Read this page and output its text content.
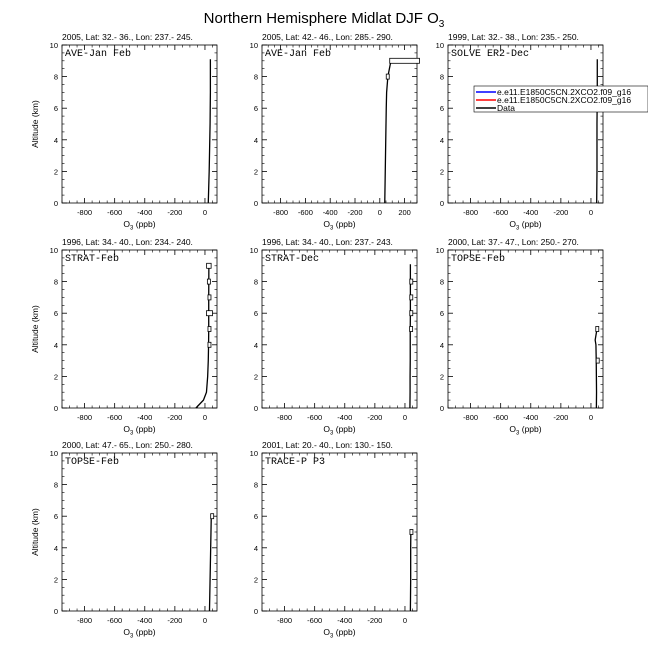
Northern Hemisphere Midlat DJF $O_3$
2005, Lat: 32.- 36., Lon: 237.- 245.
AVE-Jan Feb
-800 -600 -400 -200	0
0
2
4
6
8
10
$O_3$ (ppb)
Altitude (km)
2005, Lat: 42.- 46., Lon: 285.- 290.
AVE-Jan Feb
-800 -600 -400 -200 0 200
0
2
4
6
8
10
$O_3$ (ppb)
1999, Lat: 32.- 38., Lon: 235.- 250.
SOLVE ER2-Dec
-800 -600 -400 -200	0
0
2
4
6
8
10
$O_3$ (ppb)
1996, Lat: 34.- 40., Lon: 234.- 240.
STRAT-Feb
-800 -600 -400 -200	0
0
2
4
6
8
10
$O_3$ (ppb)
Altitude (km)
1996, Lat: 34.- 40., Lon: 237.- 243.
STRAT-Dec
-800 -600 -400 -200	0
0
2
4
6
8
10
$O_3$ (ppb)
2000, Lat: 37.- 47., Lon: 250.- 270.
TOPSE-Feb
-800 -600 -400 -200	0
0
2
4
6
8
10
$O_3$ (ppb)
2000, Lat: 47.- 65., Lon: 250.- 280.
TOPSE-Feb
-800 -600 -400 -200	0
0
2
4
6
8
10
$O_3$ (ppb)
Altitude (km)
2001, Lat: 20.- 40., Lon: 130.- 150.
TRACE-P P3
-800 -600 -400 -200	0
0
2
4
6
8
10
$O_3$ (ppb)
e.e11.E1850C5CN.2XCO2.f09_g16
e.e11.E1850C5CN.2XCO2.f09_g16
Data
